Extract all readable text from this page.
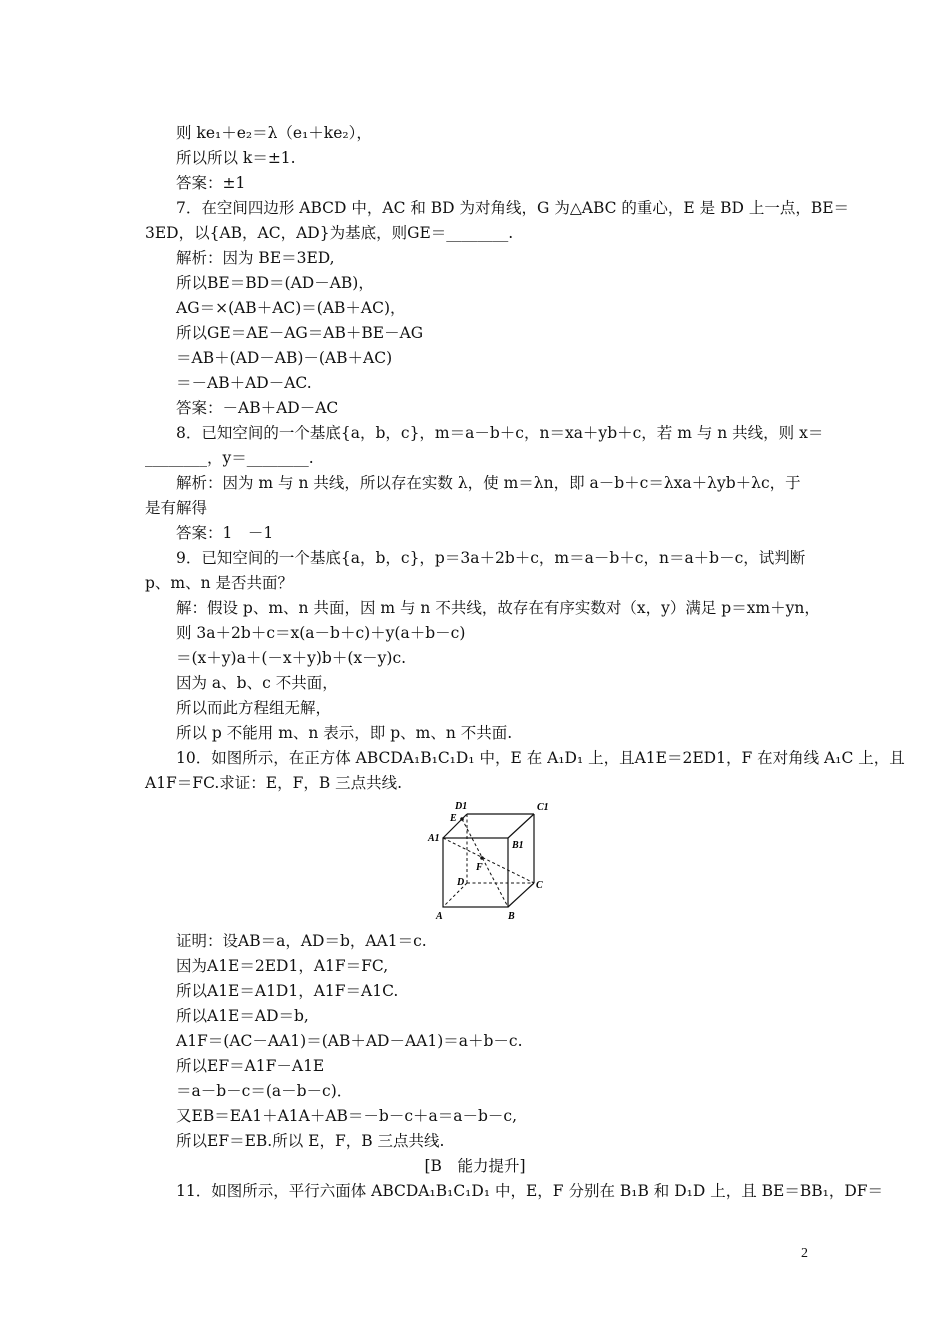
则 ke₁＋e₂＝λ（e₁＋ke₂），
所以所以 k＝±1.
答案：±1
7．在空间四边形 ABCD 中，AC 和 BD 为对角线，G 为△ABC 的重心，E 是 BD 上一点，BE＝
3ED，以{AB，AC，AD}为基底，则GE＝________.
解析：因为 BE＝3ED,
所以BE＝BD＝(AD－AB)，
AG＝×(AB＋AC)＝(AB＋AC)，
所以GE＝AE－AG＝AB＋BE－AG
＝AB＋(AD－AB)－(AB＋AC)
＝－AB＋AD－AC.
答案：－AB＋AD－AC
8．已知空间的一个基底{a，b，c}，m＝a－b＋c，n＝xa＋yb＋c，若 m 与 n 共线，则 x＝
________，y＝________.
解析：因为 m 与 n 共线，所以存在实数 λ，使 m＝λn，即 a－b＋c＝λxa＋λyb＋λc，于
是有解得
答案：1　－1
9．已知空间的一个基底{a，b，c}，p＝3a＋2b＋c，m＝a－b＋c，n＝a＋b－c，试判断
p、m、n 是否共面？
解：假设 p、m、n 共面，因 m 与 n 不共线，故存在有序实数对（x，y）满足 p＝xm＋yn，
则 3a＋2b＋c＝x(a－b＋c)＋y(a＋b－c)
＝(x＋y)a＋(－x＋y)b＋(x－y)c.
因为 a、b、c 不共面，
所以而此方程组无解，
所以 p 不能用 m、n 表示，即 p、m、n 不共面.
10．如图所示，在正方体 ABCDA₁B₁C₁D₁ 中，E 在 A₁D₁ 上，且A1E＝2ED1，F 在对角线 A₁C 上，且
A1F＝FC.求证：E，F，B 三点共线.
D1	C1
E
A1
B1
F
D	C
A	B
证明：设AB＝a，AD＝b，AA1＝c.
因为A1E＝2ED1，A1F＝FC,
所以A1E＝A1D1，A1F＝A1C.
所以A1E＝AD＝b,
A1F＝(AC－AA1)＝(AB＋AD－AA1)＝a＋b－c.
所以EF＝A1F－A1E
＝a－b－c＝(a－b－c)．
又EB＝EA1＋A1A＋AB＝－b－c＋a＝a－b－c,
所以EF＝EB.所以 E，F，B 三点共线.
[B　能力提升]
11．如图所示，平行六面体 ABCDA₁B₁C₁D₁ 中，E，F 分别在 B₁B 和 D₁D 上，且 BE＝BB₁，DF＝
2
